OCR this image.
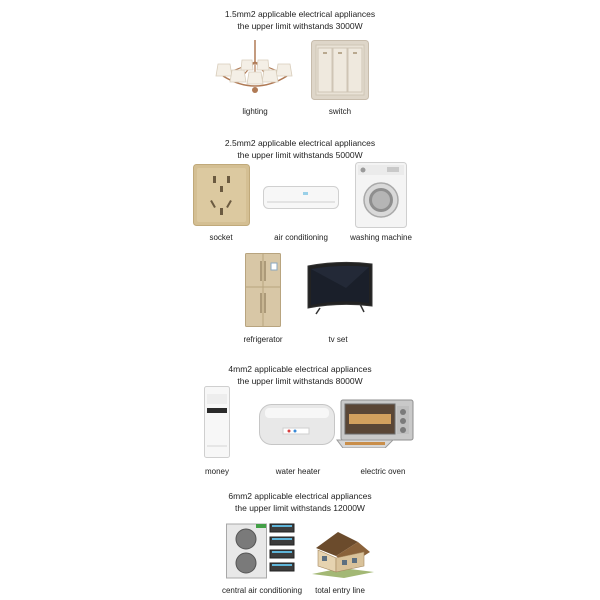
1.5mm2 applicable electrical appliances
the upper limit withstands 3000W
lighting	switch
2.5mm2 applicable electrical appliances
the upper limit withstands 5000W
socket	air conditioning	washing machine
refrigerator	tv set
4mm2 applicable electrical appliances
the upper limit withstands 8000W
money	water heater	electric oven
6mm2 applicable electrical appliances
the upper limit withstands 12000W
central air conditioning	total entry line
